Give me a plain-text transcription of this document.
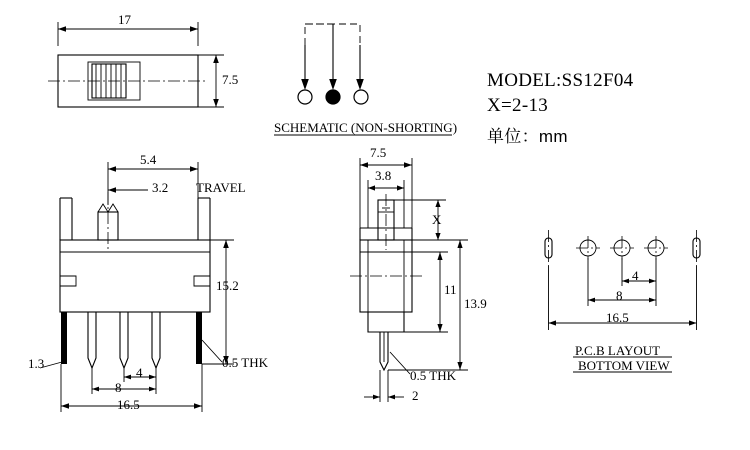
MODEL:SS12F04
X=2-13
单位：mm
17
7.5
SCHEMATIC (NON-SHORTING)
5.4
3.2 TRAVEL
15.2
1.3
8
4
16.5
0.5 THK
7.5
3.8
X
11
13.9
0.5 THK
2
4
8
16.5
P.C.B LAYOUT
BOTTOM VIEW
